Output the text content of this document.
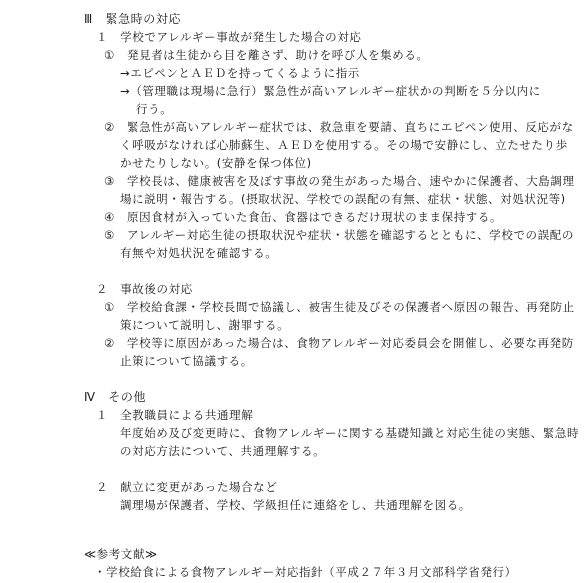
Ⅲ　緊急時の対応
１　学校でアレルギー事故が発生した場合の対応
①　発見者は生徒から目を離さず、助けを呼び人を集める。
→エピペンとＡＥＤを持ってくるように指示
→（管理職は現場に急行）緊急性が高いアレルギー症状かの判断を５分以内に
行う。
②　緊急性が高いアレルギー症状では、救急車を要請、直ちにエピペン使用、反応がな
く呼吸がなければ心肺蘇生、ＡＥＤを使用する。その場で安静にし、立たせたり歩
かせたりしない。(安静を保つ体位)
③　学校長は、健康被害を及ぼす事故の発生があった場合、速やかに保護者、大島調理
場に説明・報告する。(摂取状況、学校での誤配の有無、症状・状態、対処状況等)
④　原因食材が入っていた食缶、食器はできるだけ現状のまま保持する。
⑤　アレルギー対応生徒の摂取状況や症状・状態を確認するとともに、学校での誤配の
有無や対処状況を確認する。
２　事故後の対応
①　学校給食課・学校長間で協議し、被害生徒及びその保護者へ原因の報告、再発防止
策について説明し、謝罪する。
②　学校等に原因があった場合は、食物アレルギー対応委員会を開催し、必要な再発防
止策について協議する。
Ⅳ　その他
１　全教職員による共通理解
年度始め及び変更時に、食物アレルギーに関する基礎知識と対応生徒の実態、緊急時
の対応方法について、共通理解する。
２　献立に変更があった場合など
調理場が保護者、学校、学級担任に連絡をし、共通理解を図る。
≪参考文献≫
・学校給食による食物アレルギー対応指針（平成２７年３月文部科学省発行）
